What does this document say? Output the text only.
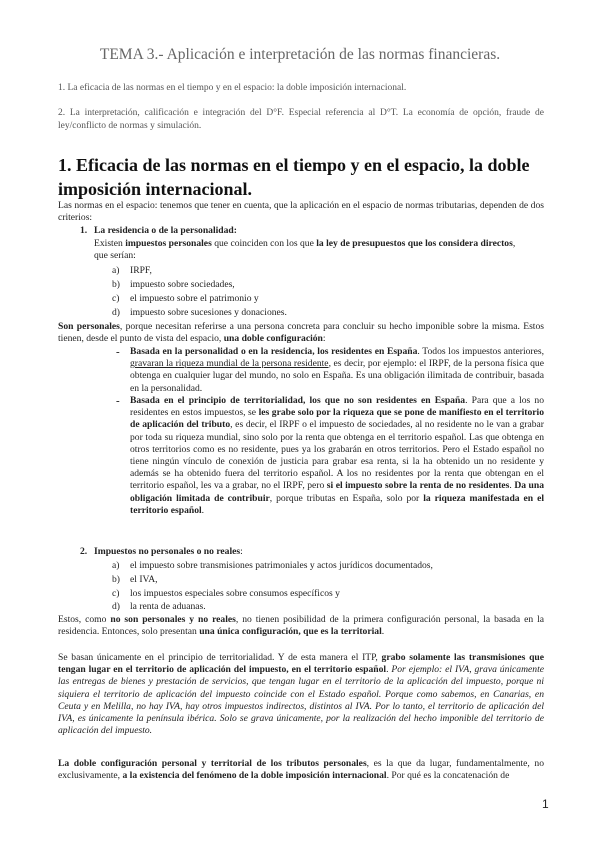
TEMA 3.- Aplicación e interpretación de las normas financieras.
1. La eficacia de las normas en el tiempo y en el espacio: la doble imposición internacional.
2. La interpretación, calificación e integración del D°F. Especial referencia al D°T. La economía de opción, fraude de ley/conflicto de normas y simulación.
1. Eficacia de las normas en el tiempo y en el espacio, la doble imposición internacional.
Las normas en el espacio: tenemos que tener en cuenta, que la aplicación en el espacio de normas tributarias, dependen de dos criterios:
1. La residencia o de la personalidad:
Existen impuestos personales que coinciden con los que la ley de presupuestos que los considera directos,
que serían:
a) IRPF,
b) impuesto sobre sociedades,
c) el impuesto sobre el patrimonio y
d) impuesto sobre sucesiones y donaciones.
Son personales, porque necesitan referirse a una persona concreta para concluir su hecho imponible sobre la misma. Estos tienen, desde el punto de vista del espacio, una doble configuración:
- Basada en la personalidad o en la residencia, los residentes en España. Todos los impuestos anteriores, gravaran la riqueza mundial de la persona residente, es decir, por ejemplo: el IRPF, de la persona física que obtenga en cualquier lugar del mundo, no solo en España. Es una obligación ilimitada de contribuir, basada en la personalidad.
- Basada en el principio de territorialidad, los que no son residentes en España. Para que a los no residentes en estos impuestos, se les grabe solo por la riqueza que se pone de manifiesto en el territorio de aplicación del tributo, es decir, el IRPF o el impuesto de sociedades, al no residente no le van a grabar por toda su riqueza mundial, sino solo por la renta que obtenga en el territorio español. Las que obtenga en otros territorios como es no residente, pues ya los grabarán en otros territorios. Pero el Estado español no tiene ningún vínculo de conexión de justicia para grabar esa renta, si la ha obtenido un no residente y además se ha obtenido fuera del territorio español. A los no residentes por la renta que obtengan en el territorio español, les va a grabar, no el IRPF, pero si el impuesto sobre la renta de no residentes. Da una obligación limitada de contribuir, porque tributas en España, solo por la riqueza manifestada en el territorio español.
2. Impuestos no personales o no reales:
a) el impuesto sobre transmisiones patrimoniales y actos jurídicos documentados,
b) el IVA,
c) los impuestos especiales sobre consumos específicos y
d) la renta de aduanas.
Estos, como no son personales y no reales, no tienen posibilidad de la primera configuración personal, la basada en la residencia. Entonces, solo presentan una única configuración, que es la territorial.
Se basan únicamente en el principio de territorialidad. Y de esta manera el ITP, grabo solamente las transmisiones que tengan lugar en el territorio de aplicación del impuesto, en el territorio español. Por ejemplo: el IVA, grava únicamente las entregas de bienes y prestación de servicios, que tengan lugar en el territorio de la aplicación del impuesto, porque ni siquiera el territorio de aplicación del impuesto coincide con el Estado español. Porque como sabemos, en Canarias, en Ceuta y en Melilla, no hay IVA, hay otros impuestos indirectos, distintos al IVA. Por lo tanto, el territorio de aplicación del IVA, es únicamente la península ibérica. Solo se grava únicamente, por la realización del hecho imponible del territorio de aplicación del impuesto.
La doble configuración personal y territorial de los tributos personales, es la que da lugar, fundamentalmente, no exclusivamente, a la existencia del fenómeno de la doble imposición internacional. Por qué es la concatenación de
1
